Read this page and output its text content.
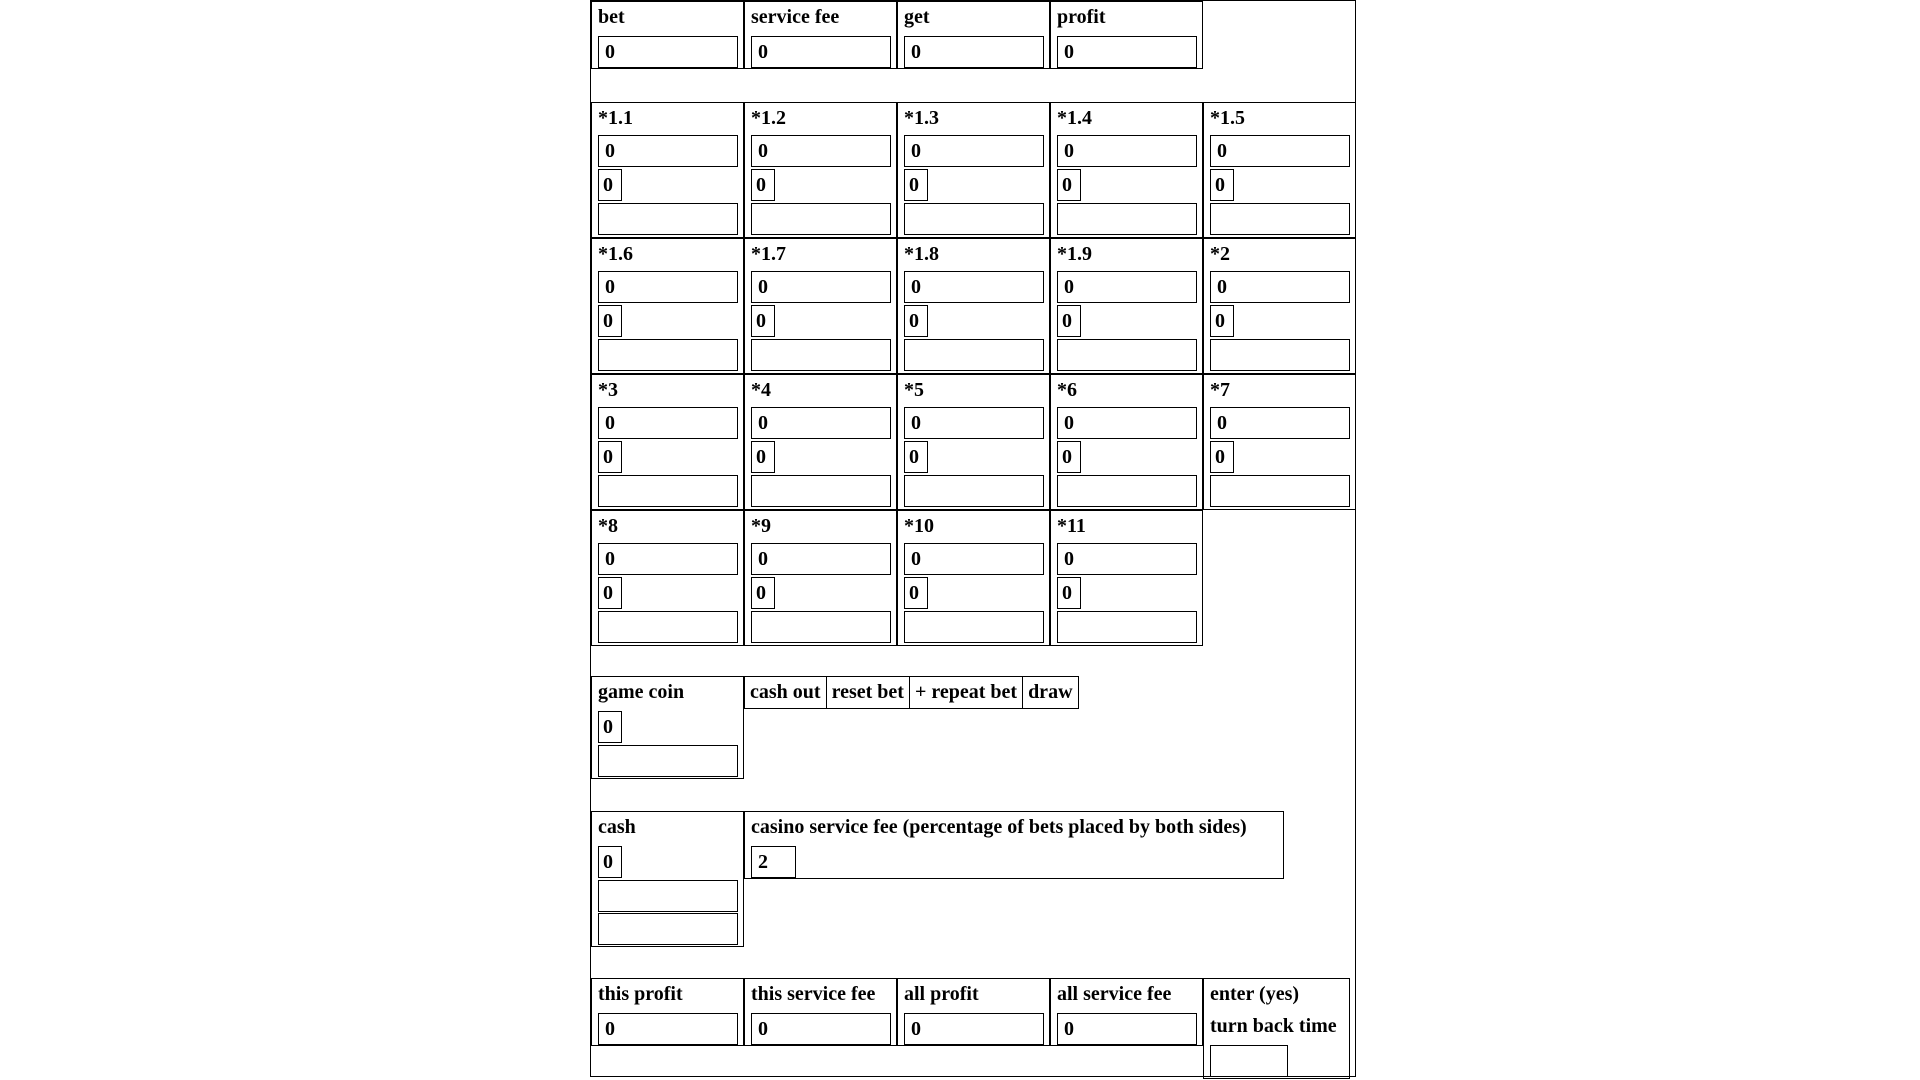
bet
0
service fee
0
get
0
profit
0
*1.1
0
0
*1.2
0
0
*1.3
0
0
*1.4
0
0
*1.5
0
0
*1.6
0
0
*1.7
0
0
*1.8
0
0
*1.9
0
0
*2
0
0
*3
0
0
*4
0
0
*5
0
0
*6
0
0
*7
0
0
*8
0
0
*9
0
0
*10
0
0
*11
0
0
game coin
0
cash out reset bet + repeat bet draw
cash
0
casino service fee (percentage of bets placed by both sides)
2
this profit
0
this service fee
0
all profit
0
all service fee
0
enter (yes)
turn back time
